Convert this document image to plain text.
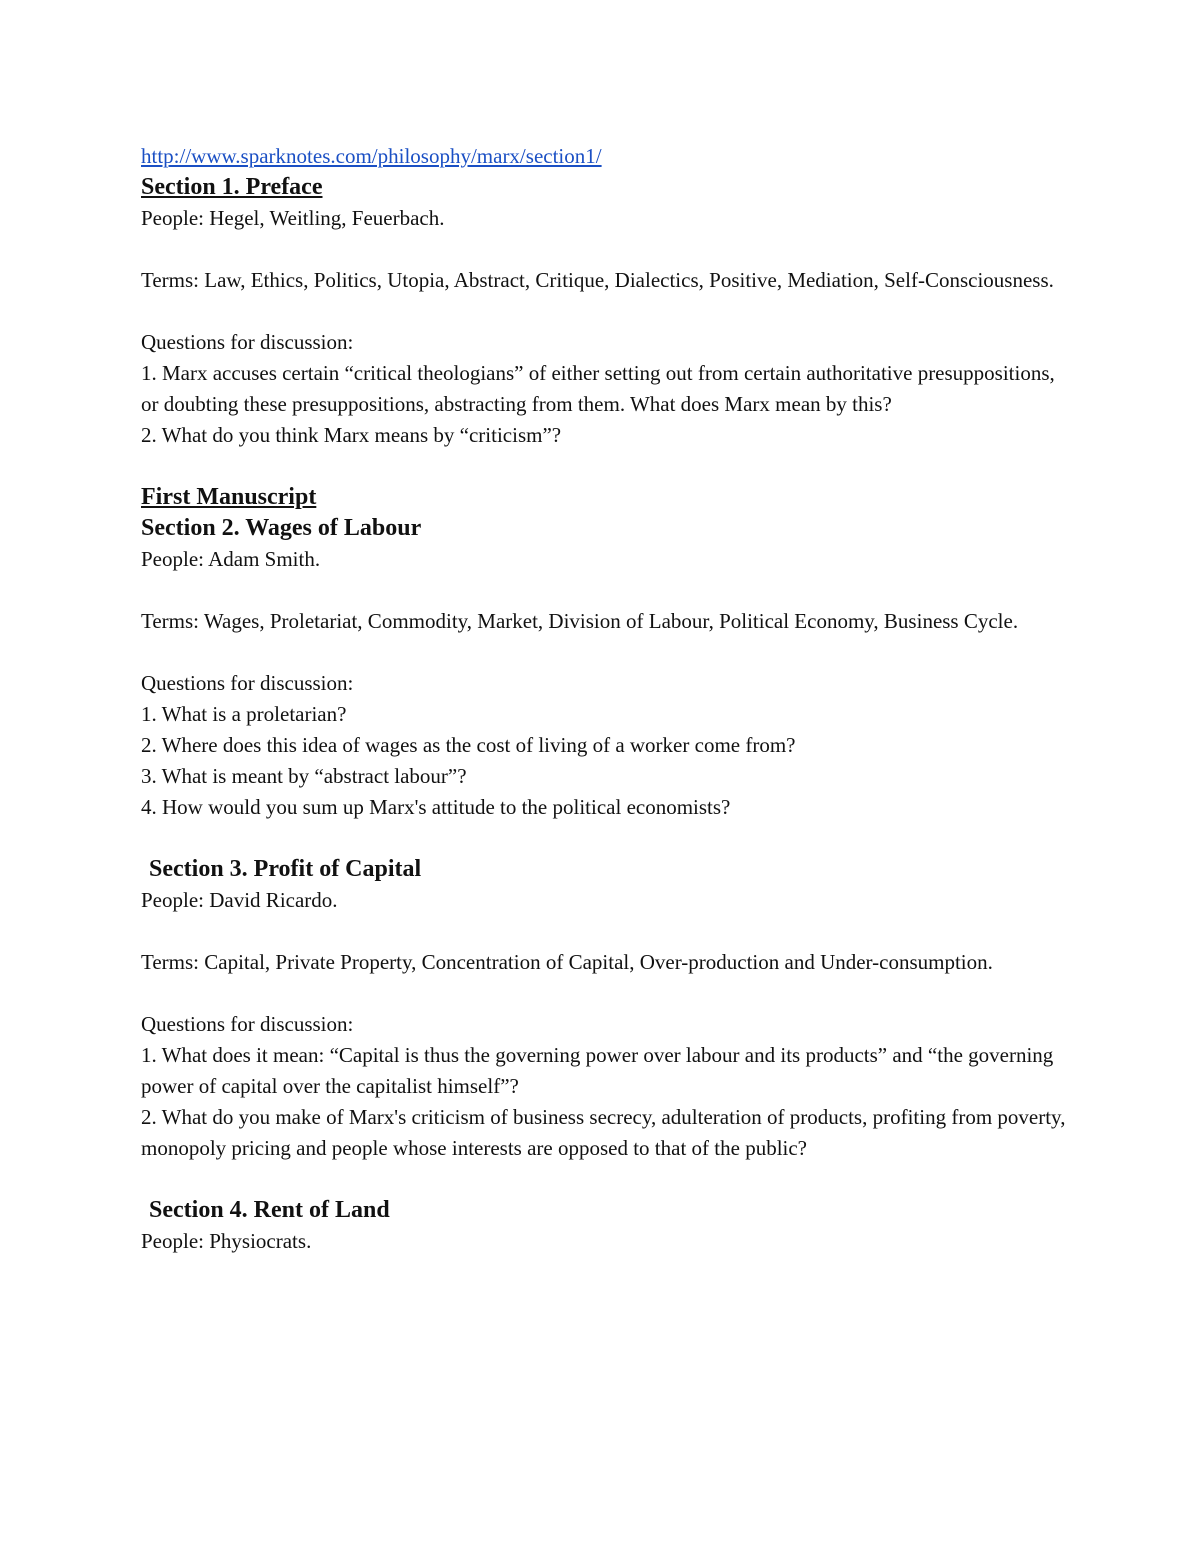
http://www.sparknotes.com/philosophy/marx/section1/
Section 1. Preface
People: Hegel, Weitling, Feuerbach.
Terms: Law, Ethics, Politics, Utopia, Abstract, Critique, Dialectics, Positive, Mediation, Self-Consciousness.
Questions for discussion:
1. Marx accuses certain “critical theologians” of either setting out from certain authoritative presuppositions, or doubting these presuppositions, abstracting from them. What does Marx mean by this?
2. What do you think Marx means by “criticism”?
First Manuscript
Section 2. Wages of Labour
People: Adam Smith.
Terms: Wages, Proletariat, Commodity, Market, Division of Labour, Political Economy, Business Cycle.
Questions for discussion:
1. What is a proletarian?
2. Where does this idea of wages as the cost of living of a worker come from?
3. What is meant by “abstract labour”?
4. How would you sum up Marx's attitude to the political economists?
Section 3. Profit of Capital
People: David Ricardo.
Terms: Capital, Private Property, Concentration of Capital, Over-production and Under-consumption.
Questions for discussion:
1. What does it mean: “Capital is thus the governing power over labour and its products” and “the governing power of capital over the capitalist himself”?
2. What do you make of Marx's criticism of business secrecy, adulteration of products, profiting from poverty, monopoly pricing and people whose interests are opposed to that of the public?
Section 4. Rent of Land
People: Physiocrats.
